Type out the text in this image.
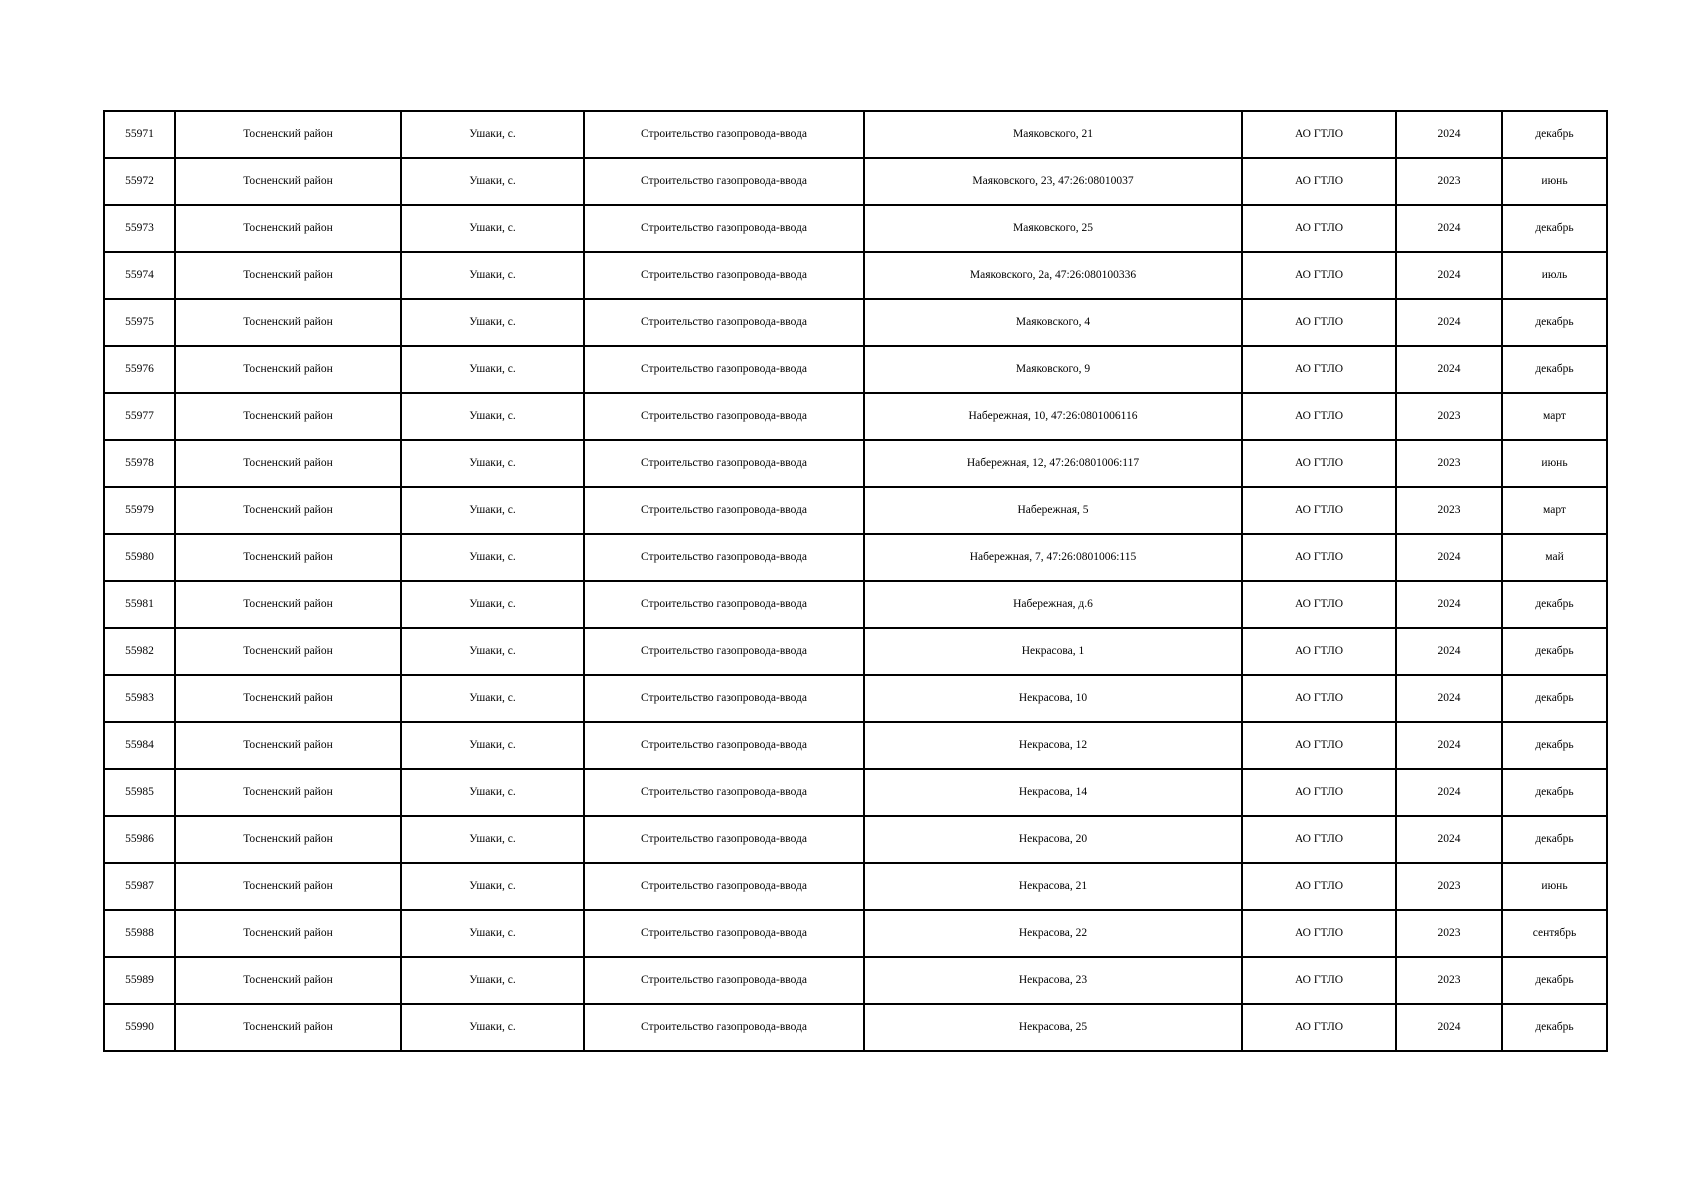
55971	Тосненский район	Ушаки, с.	Строительство газопровода-ввода	Маяковского, 21	АО ГТЛО	2024	декабрь
55972	Тосненский район	Ушаки, с.	Строительство газопровода-ввода	Маяковского, 23, 47:26:08010037	АО ГТЛО	2023	июнь
55973	Тосненский район	Ушаки, с.	Строительство газопровода-ввода	Маяковского, 25	АО ГТЛО	2024	декабрь
55974	Тосненский район	Ушаки, с.	Строительство газопровода-ввода	Маяковского, 2а, 47:26:080100336	АО ГТЛО	2024	июль
55975	Тосненский район	Ушаки, с.	Строительство газопровода-ввода	Маяковского, 4	АО ГТЛО	2024	декабрь
55976	Тосненский район	Ушаки, с.	Строительство газопровода-ввода	Маяковского, 9	АО ГТЛО	2024	декабрь
55977	Тосненский район	Ушаки, с.	Строительство газопровода-ввода	Набережная, 10, 47:26:0801006116	АО ГТЛО	2023	март
55978	Тосненский район	Ушаки, с.	Строительство газопровода-ввода	Набережная, 12, 47:26:0801006:117	АО ГТЛО	2023	июнь
55979	Тосненский район	Ушаки, с.	Строительство газопровода-ввода	Набережная, 5	АО ГТЛО	2023	март
55980	Тосненский район	Ушаки, с.	Строительство газопровода-ввода	Набережная, 7, 47:26:0801006:115	АО ГТЛО	2024	май
55981	Тосненский район	Ушаки, с.	Строительство газопровода-ввода	Набережная, д.6	АО ГТЛО	2024	декабрь
55982	Тосненский район	Ушаки, с.	Строительство газопровода-ввода	Некрасова, 1	АО ГТЛО	2024	декабрь
55983	Тосненский район	Ушаки, с.	Строительство газопровода-ввода	Некрасова, 10	АО ГТЛО	2024	декабрь
55984	Тосненский район	Ушаки, с.	Строительство газопровода-ввода	Некрасова, 12	АО ГТЛО	2024	декабрь
55985	Тосненский район	Ушаки, с.	Строительство газопровода-ввода	Некрасова, 14	АО ГТЛО	2024	декабрь
55986	Тосненский район	Ушаки, с.	Строительство газопровода-ввода	Некрасова, 20	АО ГТЛО	2024	декабрь
55987	Тосненский район	Ушаки, с.	Строительство газопровода-ввода	Некрасова, 21	АО ГТЛО	2023	июнь
55988	Тосненский район	Ушаки, с.	Строительство газопровода-ввода	Некрасова, 22	АО ГТЛО	2023	сентябрь
55989	Тосненский район	Ушаки, с.	Строительство газопровода-ввода	Некрасова, 23	АО ГТЛО	2023	декабрь
55990	Тосненский район	Ушаки, с.	Строительство газопровода-ввода	Некрасова, 25	АО ГТЛО	2024	декабрь
